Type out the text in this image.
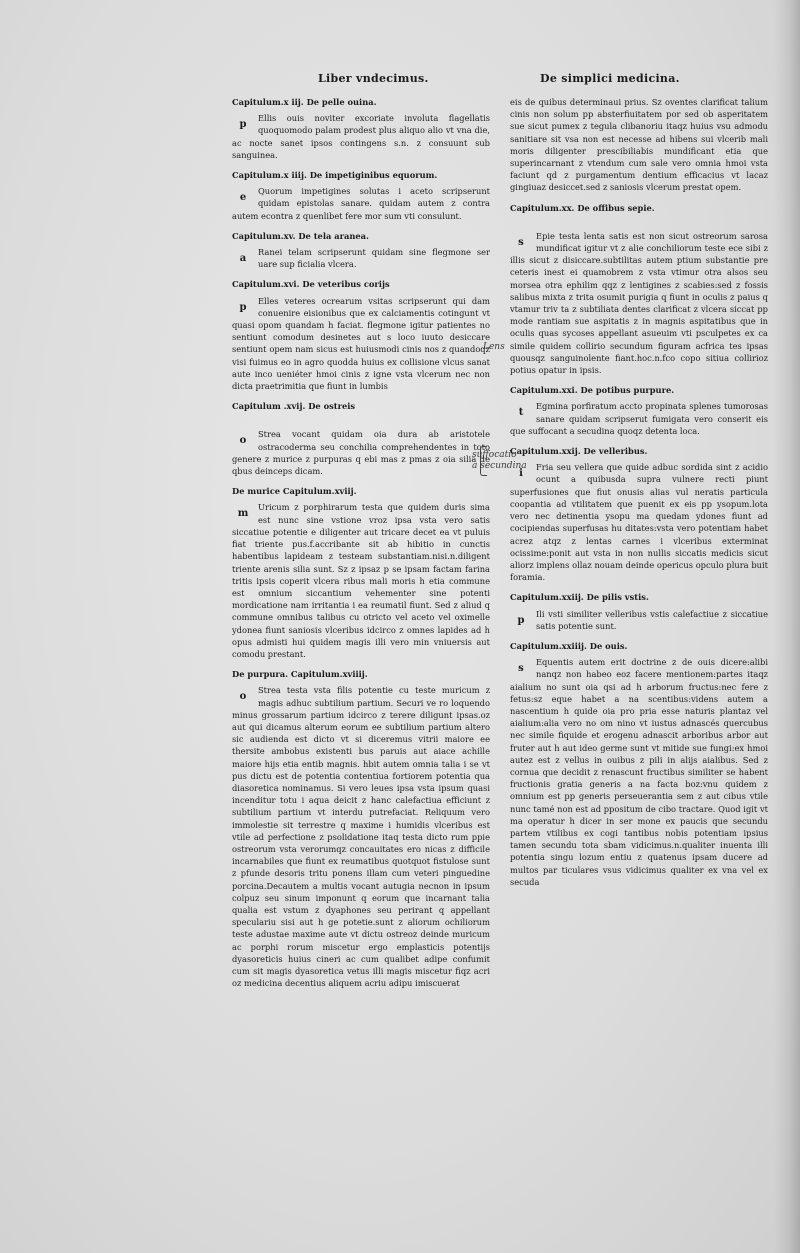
Liber vndecimus.	De simplici medicina.

Capitulum.x iij. De pelle ouina.

p
Ellis ouis noviter excoriate involuta flagellatis quoquomodo palam prodest plus aliquo alio vt vna die, ac nocte sanet ipsos contingens s.n. z consuunt sub sanguinea.

Capitulum.x iiij. De impetiginibus equorum.

e
Quorum impetigines solutas i aceto scripserunt quidam epistolas sanare. quidam autem z contra autem econtra z quenlibet fere mor sum vti consulunt.

Capitulum.xv. De tela aranea.

a
Ranei telam scripserunt quidam sine flegmone ser uare sup ficialia vlcera.

Capitulum.xvi. De veteribus corijs

p
Elles veteres ocrearum vsitas scripserunt qui dam conuenire eisionibus que ex calciamentis cotingunt vt quasi opom quandam h faciat. flegmone igitur patientes no sentiunt comodum desinetes aut s loco iuuto desiccare sentiunt opem nam sicus est huiusmodi cinis nos z quandoqz visi fuimus eo in agro quodda huius ex collisione vlcus sanat aute inco ueniéter hmoi cinis z igne vsta vlcerum nec non dicta praetrimitia que fiunt in lumbis

Capitulum .xvij. De ostreis

o
Strea vocant quidam oia dura ab aristotele ostracoderma seu conchilia comprehendentes in toto genere z murice z purpuras q ebi mas z pmas z oia silia de qbus deinceps dicam.

De murice Capitulum.xviij.

m
Uricum z porphirarum testa que quidem duris sima est nunc sine vstione vroz ipsa vsta vero satis siccatiue potentie e diligenter aut tricare decet ea vt puluis fiat triente pus.f.accribante sit ab hibitio in cunctis habentibus lapideam z testeam substantiam.nisi.n.diligent triente arenis silia sunt. Sz z ipsaz p se ipsam factam farina tritis ipsis coperit vlcera ribus mali moris h etia commune est omnium siccantium vehementer sine potenti mordicatione nam irritantia i ea reumatil fiunt. Sed z aliud q commune omnibus talibus cu otricto vel aceto vel oximelle ydonea fiunt saniosis vlceribus idcirco z omnes lapides ad h opus admisti hui quidem magis illi vero min vniuersis aut comodu prestant.

De purpura. Capitulum.xviiij.

o
Strea testa vsta filis potentie cu teste muricum z magis adhuc subtilium partium. Securi ve ro loquendo minus grossarum partium idcirco z terere diligunt ipsas.oz aut qui dicamus alterum eorum ee subtilium partium altero sic audienda est dicto vt si diceremus vitrii maiore ee thersite ambobus existenti bus paruis aut aiace achille maiore hijs etia entib magnis. hbit autem omnia talia i se vt pus dictu est de potentia contentiua fortiorem potentia qua diasoretica nominamus. Si vero leues ipsa vsta ipsum quasi incenditur totu i aqua deicit z hanc calefactiua efficiunt z subtilium partium vt interdu putrefaciat. Reliquum vero immolestie sit terrestre q maxime i humidis vlceribus est vtile ad perfectione z psolidatione itaq testa dicto rum ppie ostreorum vsta verorumqz concauitates ero nicas z difficile incarnabiles que fiunt ex reumatibus quotquot fistulose sunt z pfunde desoris tritu ponens illam cum veteri pinguedine porcina.Decautem a multis vocant autugia necnon in ipsum colpuz seu sinum imponunt q eorum que incarnant talia qualia est vstum z dyaphones seu perirant q appellant speculariu sisi aut h ge potetie.sunt z aliorum ochiliorum teste adustae maxime aute vt dictu ostreoz deinde muricum ac porphi rorum miscetur ergo emplasticis potentijs dyasoreticis huius cineri ac cum qualibet adipe confumit cum sit magis dyasoretica vetus illi magis miscetur fiqz acri oz medicina decentius aliquem acriu adipu imiscuerat

eis de quibus determinaui prius. Sz oventes clarificat talium cinis non solum pp absterfiuitatem por sed ob asperitatem sue sicut pumex z tegula clibanoriu itaqz huius vsu admodu sanitiare sit vsa non est necesse ad hibens sui vlcerib mali moris diligenter prescibiliabis mundificant etia que superincarnant z vtendum cum sale vero omnia hmoi vsta faciunt qd z purgamentum dentium efficacius vt lacaz gingiuaz desiccet.sed z saniosis vlcerum prestat opem.

Capitulum.xx. De offibus sepie.

s
Epie testa lenta satis est non sicut ostreorum sarosa mundificat igitur vt z alie conchiliorum teste ece sibi z illis sicut z disiccare.subtilitas autem ptium substantie pre ceteris inest ei quamobrem z vsta vtimur otra alsos seu morsea otra ephilim qqz z lentigines z scabies:sed z fossis salibus mixta z trita osumit purigia q fiunt in oculis z paius q vtamur triv ta z subtiliata dentes clarificat z vlcera siccat pp mode rantiam sue aspitatis z in magnis aspitatibus que in oculis quas sycoses appellant asueuim vti psculpetes ex ca simile quidem collirio secundum figuram acfrica tes ipsas quousqz sanguinolente fiant.hoc.n.fco copo sitiua collirioz potius opatur in ipsis.

Capitulum.xxi. De potibus purpure.

t
Egmina porfiratum accto propinata splenes tumorosas sanare quidam scripserut fumigata vero conserit eis que suffocant a secudina quoqz detenta loca.

Capitulum.xxij. De velleribus.

i
Fria seu vellera que quide adbuc sordida sint z acidio ocunt a quibusda supra vulnere recti piunt superfusiones que fiut onusis alias vul neratis particula coopantia ad vtilitatem que puenit ex eis pp ysopum.lota vero nec detinentia ysopu ma quedam ydones fiunt ad cocipiendas superfusas hu ditates:vsta vero potentiam habet acrez atqz z lentas carnes i vlceribus exterminat ocissime:ponit aut vsta in non nullis siccatis medicis sicut aliorz implens ollaz nouam deinde opericus opculo plura buit foramia.

Capitulum.xxiij. De pilis vstis.

p
Ili vsti similiter velleribus vstis calefactiue z siccatiue satis potentie sunt.

Capitulum.xxiiij. De ouis.

s
Equentis autem erit doctrine z de ouis dicere:alibi nanqz non habeo eoz facere mentionem:partes itaqz aialium no sunt oia qsi ad h arborum fructus:nec fere z fetus:sz eque habet a na scentibus:videns autem a nascentium h quide oia pro pria esse naturis plantaz vel aialium:alia vero no om nino vt iustus adnascés quercubus nec simile fiquide et erogenu adnascit arboribus arbor aut fruter aut h aut ideo germe sunt vt mitide sue fungi:ex hmoi autez est z vellus in ouibus z pili in alijs aialibus. Sed z cornua que decidit z renascunt fructibus similiter se habent fructionis gratia generis a na facta boz:vnu quidem z omnium est pp generis perseuerantia sem z aut cibus vtile nunc tamé non est ad ppositum de cibo tractare. Quod igit vt ma operatur h dicer in ser mone ex paucis que secundu partem vtilibus ex cogi tantibus nobis potentiam ipsius tamen secundu tota sbam vidicimus.n.qualiter inuenta illi potentia singu lozum entiu z quatenus ipsam ducere ad multos par ticulares vsus vidicimus qualiter ex vna vel ex secuda

Lens
suffocatio
a secundina
